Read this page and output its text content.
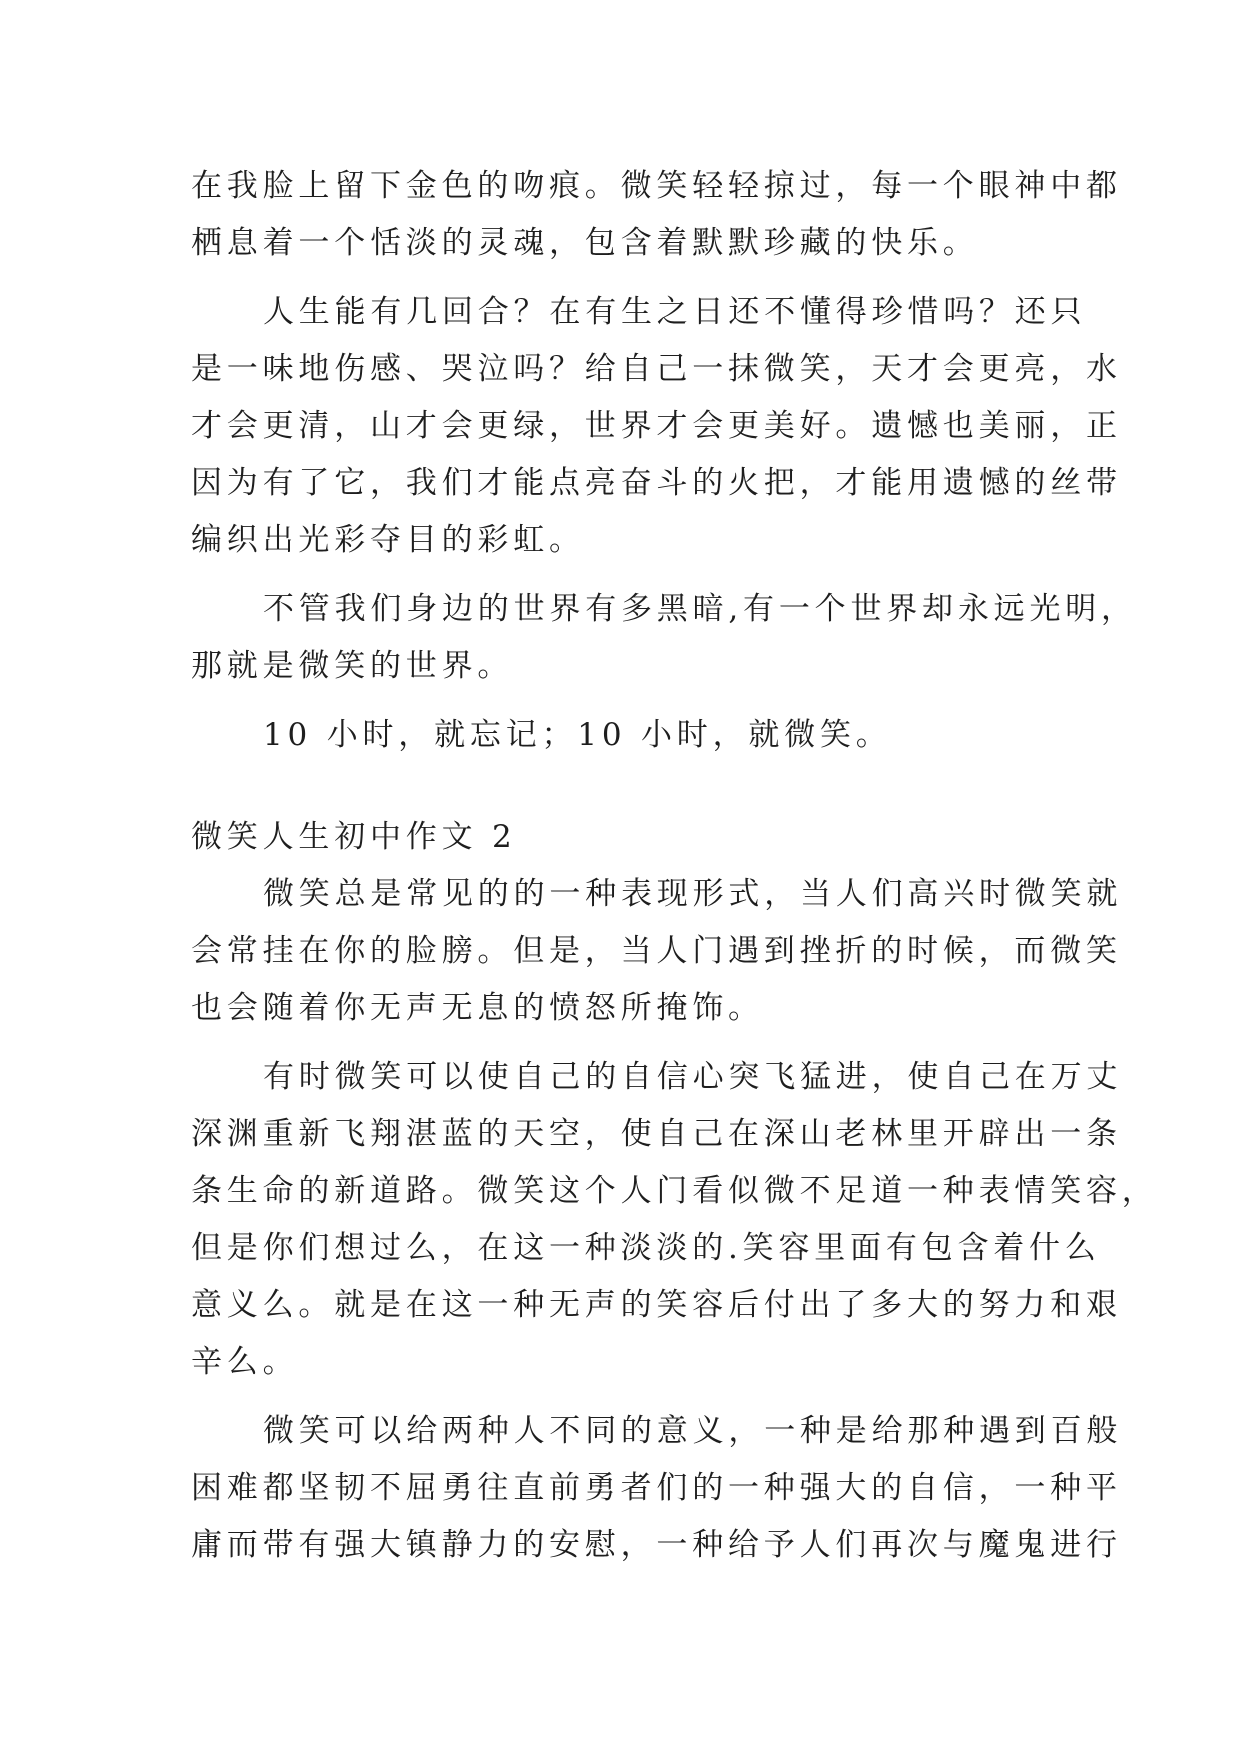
在我脸上留下金色的吻痕。微笑轻轻掠过，每一个眼神中都
栖息着一个恬淡的灵魂，包含着默默珍藏的快乐。
人生能有几回合？在有生之日还不懂得珍惜吗？还只
是一味地伤感、哭泣吗？给自己一抹微笑，天才会更亮，水
才会更清，山才会更绿，世界才会更美好。遗憾也美丽，正
因为有了它，我们才能点亮奋斗的火把，才能用遗憾的丝带
编织出光彩夺目的彩虹。
不管我们身边的世界有多黑暗,有一个世界却永远光明，
那就是微笑的世界。
10 小时，就忘记；10 小时，就微笑。
微笑人生初中作文 2
微笑总是常见的的一种表现形式，当人们高兴时微笑就
会常挂在你的脸膀。但是，当人门遇到挫折的时候，而微笑
也会随着你无声无息的愤怒所掩饰。
有时微笑可以使自己的自信心突飞猛进，使自己在万丈
深渊重新飞翔湛蓝的天空，使自己在深山老林里开辟出一条
条生命的新道路。微笑这个人门看似微不足道一种表情笑容，
但是你们想过么，在这一种淡淡的.笑容里面有包含着什么
意义么。就是在这一种无声的笑容后付出了多大的努力和艰
辛么。
微笑可以给两种人不同的意义，一种是给那种遇到百般
困难都坚韧不屈勇往直前勇者们的一种强大的自信，一种平
庸而带有强大镇静力的安慰，一种给予人们再次与魔鬼进行
